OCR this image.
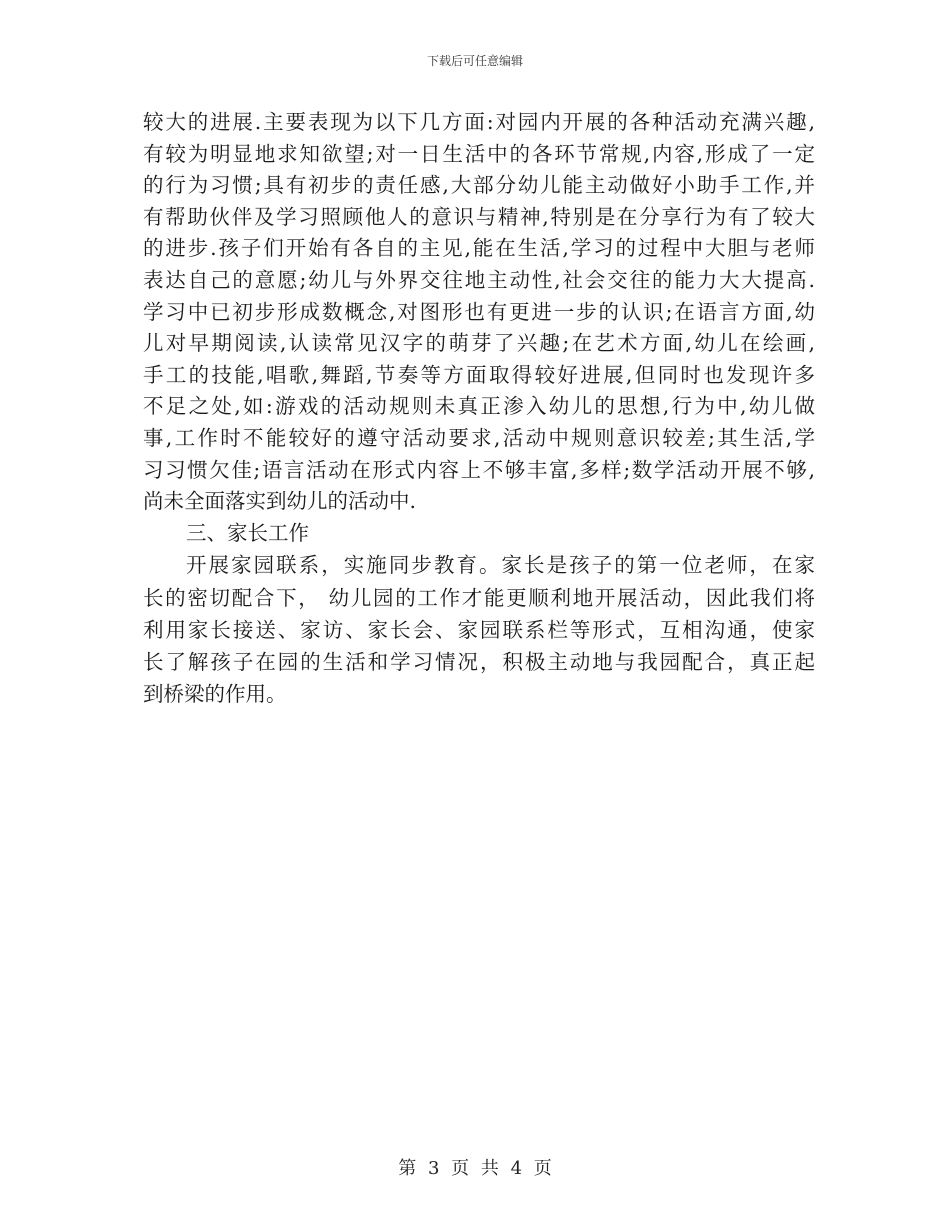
下载后可任意编辑
较大的进展.主要表现为以下几方面:对园内开展的各种活动充满兴趣,
有较为明显地求知欲望;对一日生活中的各环节常规,内容,形成了一定
的行为习惯;具有初步的责任感,大部分幼儿能主动做好小助手工作,并
有帮助伙伴及学习照顾他人的意识与精神,特别是在分享行为有了较大
的进步.孩子们开始有各自的主见,能在生活,学习的过程中大胆与老师
表达自己的意愿;幼儿与外界交往地主动性,社会交往的能力大大提高.
学习中已初步形成数概念,对图形也有更进一步的认识;在语言方面,幼
儿对早期阅读,认读常见汉字的萌芽了兴趣;在艺术方面,幼儿在绘画,
手工的技能,唱歌,舞蹈,节奏等方面取得较好进展,但同时也发现许多
不足之处,如:游戏的活动规则未真正渗入幼儿的思想,行为中,幼儿做
事,工作时不能较好的遵守活动要求,活动中规则意识较差;其生活,学
习习惯欠佳;语言活动在形式内容上不够丰富,多样;数学活动开展不够,
尚未全面落实到幼儿的活动中.
三、家长工作
开展家园联系，实施同步教育。家长是孩子的第一位老师，在家
长的密切配合下， 幼儿园的工作才能更顺利地开展活动，因此我们将
利用家长接送、家访、家长会、家园联系栏等形式，互相沟通，使家
长了解孩子在园的生活和学习情况，积极主动地与我园配合，真正起
到桥梁的作用。
第 3 页 共 4 页
